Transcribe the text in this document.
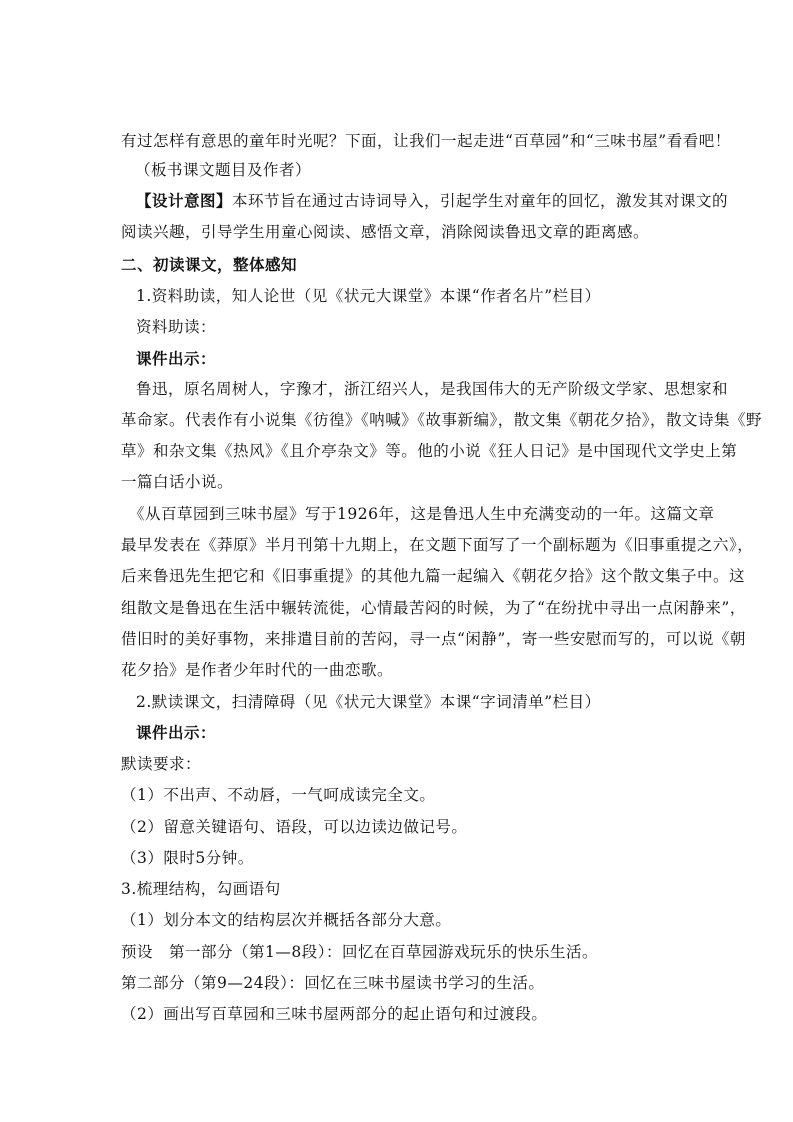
有过怎样有意思的童年时光呢？下面，让我们一起走进“百草园”和“三味书屋”看看吧！
（板书课文题目及作者）
【设计意图】本环节旨在通过古诗词导入，引起学生对童年的回忆，激发其对课文的
阅读兴趣，引导学生用童心阅读、感悟文章，消除阅读鲁迅文章的距离感。
二、初读课文，整体感知
1.资料助读，知人论世（见《状元大课堂》本课“作者名片”栏目）
资料助读：
课件出示：
鲁迅，原名周树人，字豫才，浙江绍兴人，是我国伟大的无产阶级文学家、思想家和
革命家。代表作有小说集《彷徨》《呐喊》《故事新编》，散文集《朝花夕拾》，散文诗集《野
草》和杂文集《热风》《且介亭杂文》等。他的小说《狂人日记》是中国现代文学史上第
一篇白话小说。
《从百草园到三味书屋》写于1926年，这是鲁迅人生中充满变动的一年。这篇文章
最早发表在《莽原》半月刊第十九期上，在文题下面写了一个副标题为《旧事重提之六》，
后来鲁迅先生把它和《旧事重提》的其他九篇一起编入《朝花夕拾》这个散文集子中。这
组散文是鲁迅在生活中辗转流徙，心情最苦闷的时候，为了“在纷扰中寻出一点闲静来”，
借旧时的美好事物，来排遣目前的苦闷，寻一点“闲静”，寄一些安慰而写的，可以说《朝
花夕拾》是作者少年时代的一曲恋歌。
2.默读课文，扫清障碍（见《状元大课堂》本课“字词清单”栏目）
课件出示：
默读要求：
（1）不出声、不动唇，一气呵成读完全文。
（2）留意关键语句、语段，可以边读边做记号。
（3）限时5分钟。
3.梳理结构，勾画语句
（1）划分本文的结构层次并概括各部分大意。
预设　第一部分（第1—8段）：回忆在百草园游戏玩乐的快乐生活。
第二部分（第9—24段）：回忆在三味书屋读书学习的生活。
（2）画出写百草园和三味书屋两部分的起止语句和过渡段。
